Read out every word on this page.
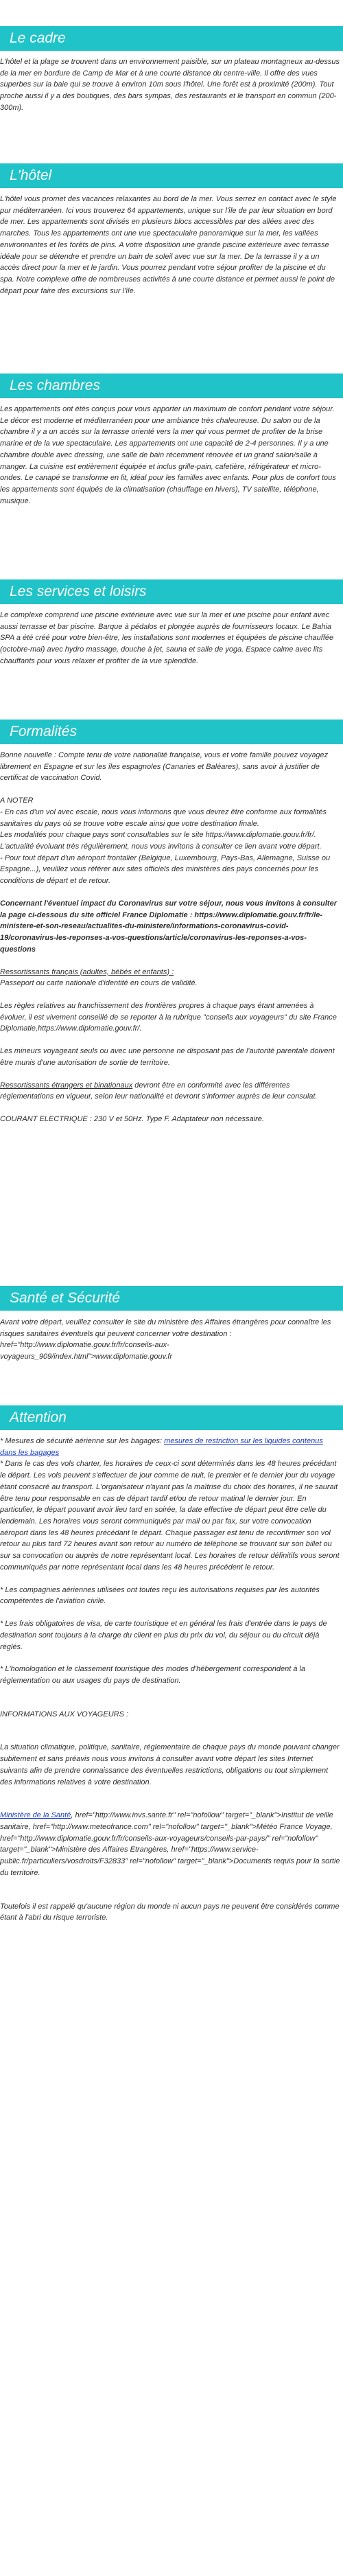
Le cadre

L'hôtel et la plage se trouvent dans un environnement paisible, sur un plateau montagneux au-dessus de la mer en bordure de Camp de Mar et à une courte distance du centre-ville. Il offre des vues superbes sur la baie qui se trouve à environ 10m sous l'hôtel. Une forêt est à proximité (200m). Tout proche aussi il y a des boutiques, des bars sympas, des restaurants et le transport en commun (200-300m).

L'hôtel

L'hôtel vous promet des vacances relaxantes au bord de la mer. Vous serrez en contact avec le style pur méditerranéen. Ici vous trouverez 64 appartements, unique sur l'île de par leur situation en bord de mer. Les appartements sont divisés en plusieurs blocs accessibles par des allées avec des marches. Tous les appartements ont une vue spectaculaire panoramique sur la mer, les vallées environnantes et les forêts de pins. A votre disposition une grande piscine extérieure avec terrasse idéale pour se détendre et prendre un bain de soleil avec vue sur la mer. De la terrasse il y a un accès direct pour la mer et le jardin. Vous pourrez pendant votre séjour profiter de la piscine et du spa. Notre complexe offre de nombreuses activités à une courte distance et permet aussi le point de départ pour faire des excursions sur l'île.

Les chambres

Les appartements ont étés conçus pour vous apporter un maximum de confort pendant votre séjour. Le décor est moderne et méditerranéen pour une ambiance très chaleureuse. Du salon ou de la chambre il y a un accès sur la terrasse orienté vers la mer qui vous permet de profiter de la brise marine et de la vue spectaculaire. Les appartements ont une capacité de 2-4 personnes. Il y a une chambre double avec dressing, une salle de bain récemment rénovée et un grand salon/salle à manger. La cuisine est entièrement équipée et inclus grille-pain, cafetière, réfrigérateur et micro-ondes. Le canapé se transforme en lit, idéal pour les familles avec enfants. Pour plus de confort tous les appartements sont équipés de la climatisation (chauffage en hivers), TV satellite, téléphone, musique.

Les services et loisirs

Le complexe comprend une piscine extérieure avec vue sur la mer et une piscine pour enfant avec aussi terrasse et bar piscine. Barque à pédalos et plongée auprès de fournisseurs locaux. Le Bahia SPA a été créé pour votre bien-être, les installations sont modernes et équipées de piscine chauffée (octobre-mai) avec hydro massage, douche à jet, sauna et salle de yoga. Espace calme avec lits chauffants pour vous relaxer et profiter de la vue splendide.

Formalités

Bonne nouvelle : Compte tenu de votre nationalité française, vous et votre famille pouvez voyagez librement en Espagne et sur les îles espagnoles (Canaries et Baléares), sans avoir à justifier de certificat de vaccination Covid.

A NOTER

- En cas d'un vol avec escale, nous vous informons que vous devrez être conforme aux formalités sanitaires du pays où se trouve votre escale ainsi que votre destination finale.

Les modalités pour chaque pays sont consultables sur le site https://www.diplomatie.gouv.fr/fr/. L'actualité évoluant très régulièrement, nous vous invitons à consulter ce lien avant votre départ.

- Pour tout départ d'un aéroport frontalier (Belgique, Luxembourg, Pays-Bas, Allemagne, Suisse ou Espagne...), veuillez vous référer aux sites officiels des ministères des pays concernés pour les conditions de départ et de retour.

Concernant l'éventuel impact du Coronavirus sur votre séjour, nous vous invitons à consulter la page ci-dessous du site officiel France Diplomatie : https://www.diplomatie.gouv.fr/fr/le-ministere-et-son-reseau/actualites-du-ministere/informations-coronavirus-covid-19/coronavirus-les-reponses-a-vos-questions/article/coronavirus-les-reponses-a-vos-questions

Ressortissants français (adultes, bébés et enfants) :

Passeport ou carte nationale d'identité en cours de validité.

Les règles relatives au franchissement des frontières propres à chaque pays étant amenées à évoluer, il est vivement conseillé de se reporter à la rubrique "conseils aux voyageurs" du site France Diplomatie,https://www.diplomatie.gouv.fr/.

Les mineurs voyageant seuls ou avec une personne ne disposant pas de l'autorité parentale doivent être munis d'une autorisation de sortie de territoire.

Ressortissants étrangers et binationaux devront être en conformité avec les différentes réglementations en vigueur, selon leur nationalité et devront s'informer auprès de leur consulat.

COURANT ELECTRIQUE : 230 V et 50Hz. Type F. Adaptateur non nécessaire.

Santé et Sécurité

Avant votre départ, veuillez consulter le site du ministère des Affaires étrangères pour connaître les risques sanitaires éventuels qui peuvent concerner votre destination : href="http://www.diplomatie.gouv.fr/fr/conseils-aux-voyageurs_909/index.html">www.diplomatie.gouv.fr

Attention

* Mesures de sécurité aérienne sur les bagages: mesures de restriction sur les liquides contenus dans les bagages

* Dans le cas des vols charter, les horaires de ceux-ci sont déterminés dans les 48 heures précédant le départ. Les vols peuvent s'effectuer de jour comme de nuit, le premier et le dernier jour du voyage étant consacré au transport. L'organisateur n'ayant pas la maîtrise du choix des horaires, il ne saurait être tenu pour responsable en cas de départ tardif et/ou de retour matinal le dernier jour. En particulier, le départ pouvant avoir lieu tard en soirée, la date effective de départ peut être celle du lendemain. Les horaires vous seront communiqués par mail ou par fax, sur votre convocation aéroport dans les 48 heures précédant le départ. Chaque passager est tenu de reconfirmer son vol retour au plus tard 72 heures avant son retour au numéro de téléphone se trouvant sur son billet ou sur sa convocation ou auprès de notre représentant local. Les horaires de retour définitifs vous seront communiqués par notre représentant local dans les 48 heures précédent le retour.

* Les compagnies aériennes utilisées ont toutes reçu les autorisations requises par les autorités compétentes de l'aviation civile.

* Les frais obligatoires de visa, de carte touristique et en général les frais d'entrée dans le pays de destination sont toujours à la charge du client en plus du prix du vol, du séjour ou du circuit déjà réglés.

* L'homologation et le classement touristique des modes d'hébergement correspondent à la réglementation ou aux usages du pays de destination.

INFORMATIONS AUX VOYAGEURS :

La situation climatique, politique, sanitaire, réglementaire de chaque pays du monde pouvant changer subitement et sans préavis nous vous invitons à consulter avant votre départ les sites Internet suivants afin de prendre connaissance des éventuelles restrictions, obligations ou tout simplement des informations relatives à votre destination.

Ministère de la Santé, href="http://www.invs.sante.fr" rel="nofollow" target="_blank">Institut de veille sanitaire, href="http://www.meteofrance.com" rel="nofollow" target="_blank">Météo France Voyage, href="http://www.diplomatie.gouv.fr/fr/conseils-aux-voyageurs/conseils-par-pays/" rel="nofollow" target="_blank">Ministère des Affaires Etrangères, href="https://www.service-public.fr/particuliers/vosdroits/F32833" rel="nofollow" target="_blank">Documents requis pour la sortie du territoire.

Toutefois il est rappelé qu'aucune région du monde ni aucun pays ne peuvent être considérés comme étant à l'abri du risque terroriste.
